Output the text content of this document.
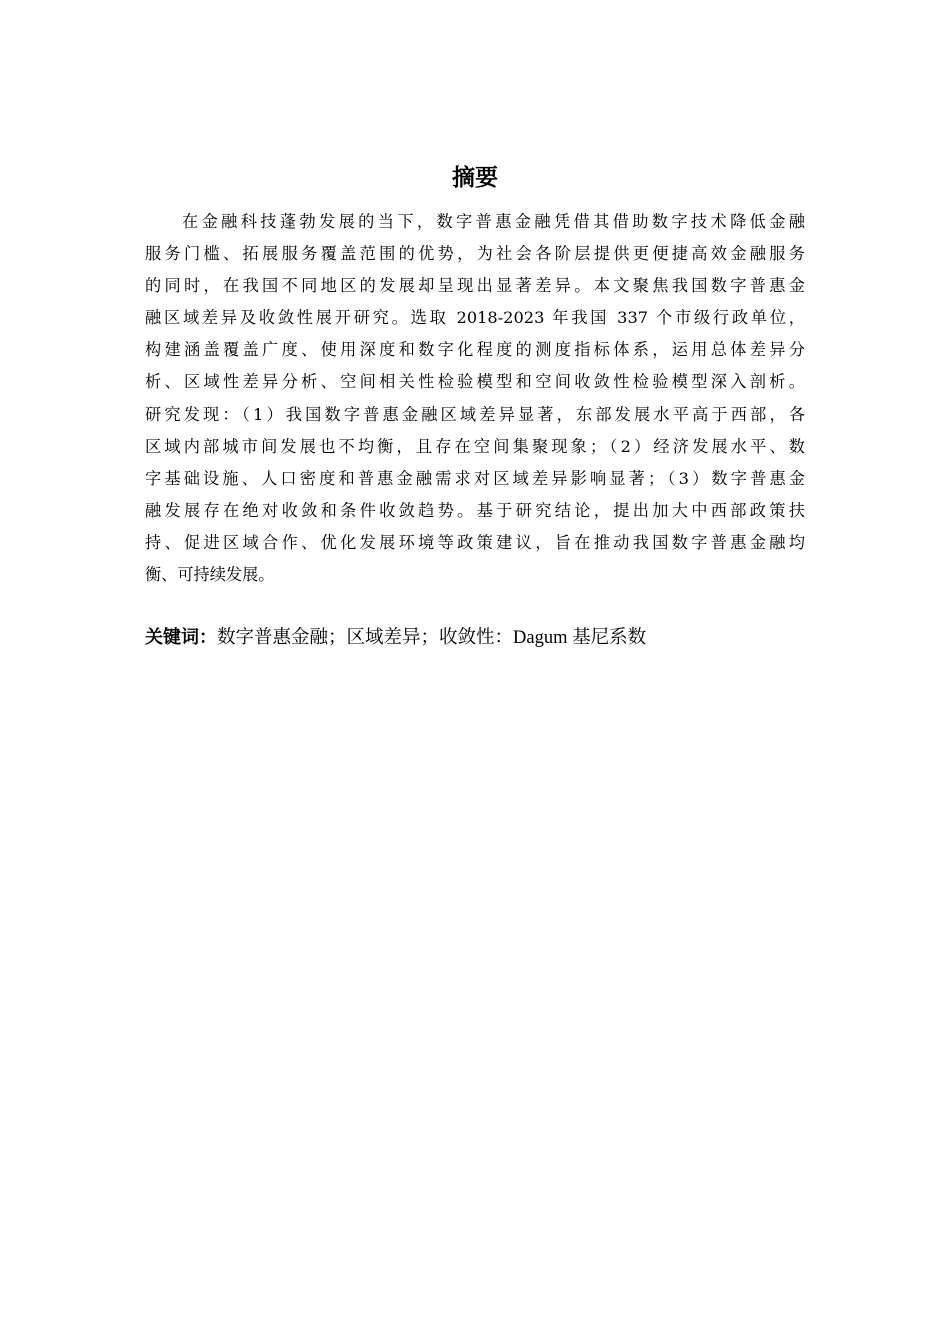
摘要
在金融科技蓬勃发展的当下，数字普惠金融凭借其借助数字技术降低金融
服务门槛、拓展服务覆盖范围的优势，为社会各阶层提供更便捷高效金融服务
的同时，在我国不同地区的发展却呈现出显著差异。本文聚焦我国数字普惠金
融区域差异及收敛性展开研究。选取 2018-2023 年我国 337 个市级行政单位，
构建涵盖覆盖广度、使用深度和数字化程度的测度指标体系，运用总体差异分
析、区域性差异分析、空间相关性检验模型和空间收敛性检验模型深入剖析。
研究发现：（1）我国数字普惠金融区域差异显著，东部发展水平高于西部，各
区域内部城市间发展也不均衡，且存在空间集聚现象；（2）经济发展水平、数
字基础设施、人口密度和普惠金融需求对区域差异影响显著；（3）数字普惠金
融发展存在绝对收敛和条件收敛趋势。基于研究结论，提出加大中西部政策扶
持、促进区域合作、优化发展环境等政策建议，旨在推动我国数字普惠金融均
衡、可持续发展。
关键词：数字普惠金融；区域差异；收敛性：Dagum 基尼系数
